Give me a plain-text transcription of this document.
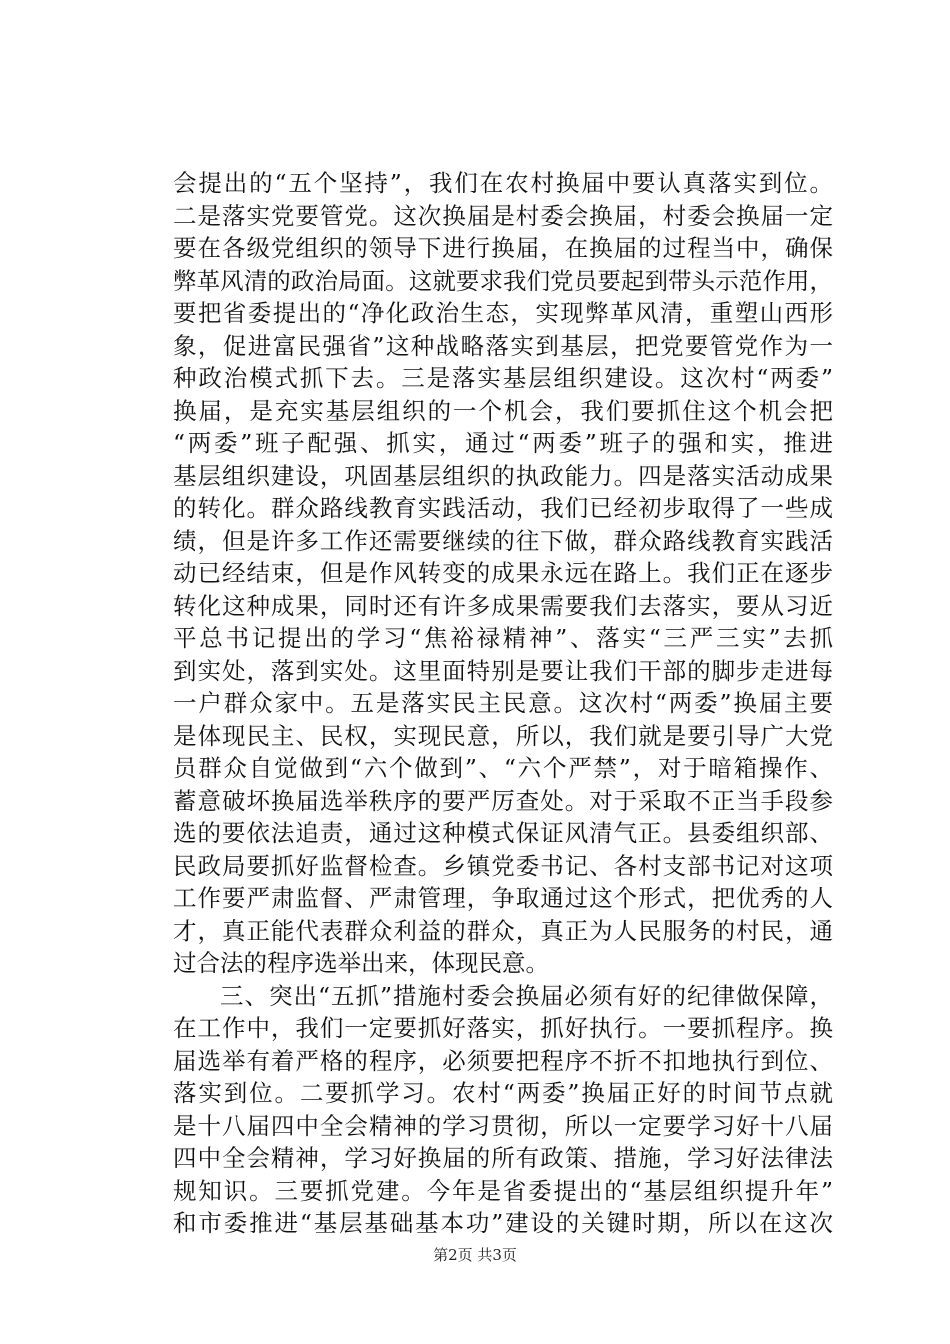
会提出的“五个坚持”，我们在农村换届中要认真落实到位。
二是落实党要管党。这次换届是村委会换届，村委会换届一定
要在各级党组织的领导下进行换届，在换届的过程当中，确保
弊革风清的政治局面。这就要求我们党员要起到带头示范作用，
要把省委提出的“净化政治生态，实现弊革风清，重塑山西形
象，促进富民强省”这种战略落实到基层，把党要管党作为一
种政治模式抓下去。三是落实基层组织建设。这次村“两委”
换届，是充实基层组织的一个机会，我们要抓住这个机会把
“两委”班子配强、抓实，通过“两委”班子的强和实，推进
基层组织建设，巩固基层组织的执政能力。四是落实活动成果
的转化。群众路线教育实践活动，我们已经初步取得了一些成
绩，但是许多工作还需要继续的往下做，群众路线教育实践活
动已经结束，但是作风转变的成果永远在路上。我们正在逐步
转化这种成果，同时还有许多成果需要我们去落实，要从习近
平总书记提出的学习“焦裕禄精神”、落实“三严三实”去抓
到实处，落到实处。这里面特别是要让我们干部的脚步走进每
一户群众家中。五是落实民主民意。这次村“两委”换届主要
是体现民主、民权，实现民意，所以，我们就是要引导广大党
员群众自觉做到“六个做到”、“六个严禁”，对于暗箱操作、
蓄意破坏换届选举秩序的要严厉查处。对于采取不正当手段参
选的要依法追责，通过这种模式保证风清气正。县委组织部、
民政局要抓好监督检查。乡镇党委书记、各村支部书记对这项
工作要严肃监督、严肃管理，争取通过这个形式，把优秀的人
才，真正能代表群众利益的群众，真正为人民服务的村民，通
过合法的程序选举出来，体现民意。
三、突出“五抓”措施村委会换届必须有好的纪律做保障，
在工作中，我们一定要抓好落实，抓好执行。一要抓程序。换
届选举有着严格的程序，必须要把程序不折不扣地执行到位、
落实到位。二要抓学习。农村“两委”换届正好的时间节点就
是十八届四中全会精神的学习贯彻，所以一定要学习好十八届
四中全会精神，学习好换届的所有政策、措施，学习好法律法
规知识。三要抓党建。今年是省委提出的“基层组织提升年”
和市委推进“基层基础基本功”建设的关键时期，所以在这次
第2页 共3页
